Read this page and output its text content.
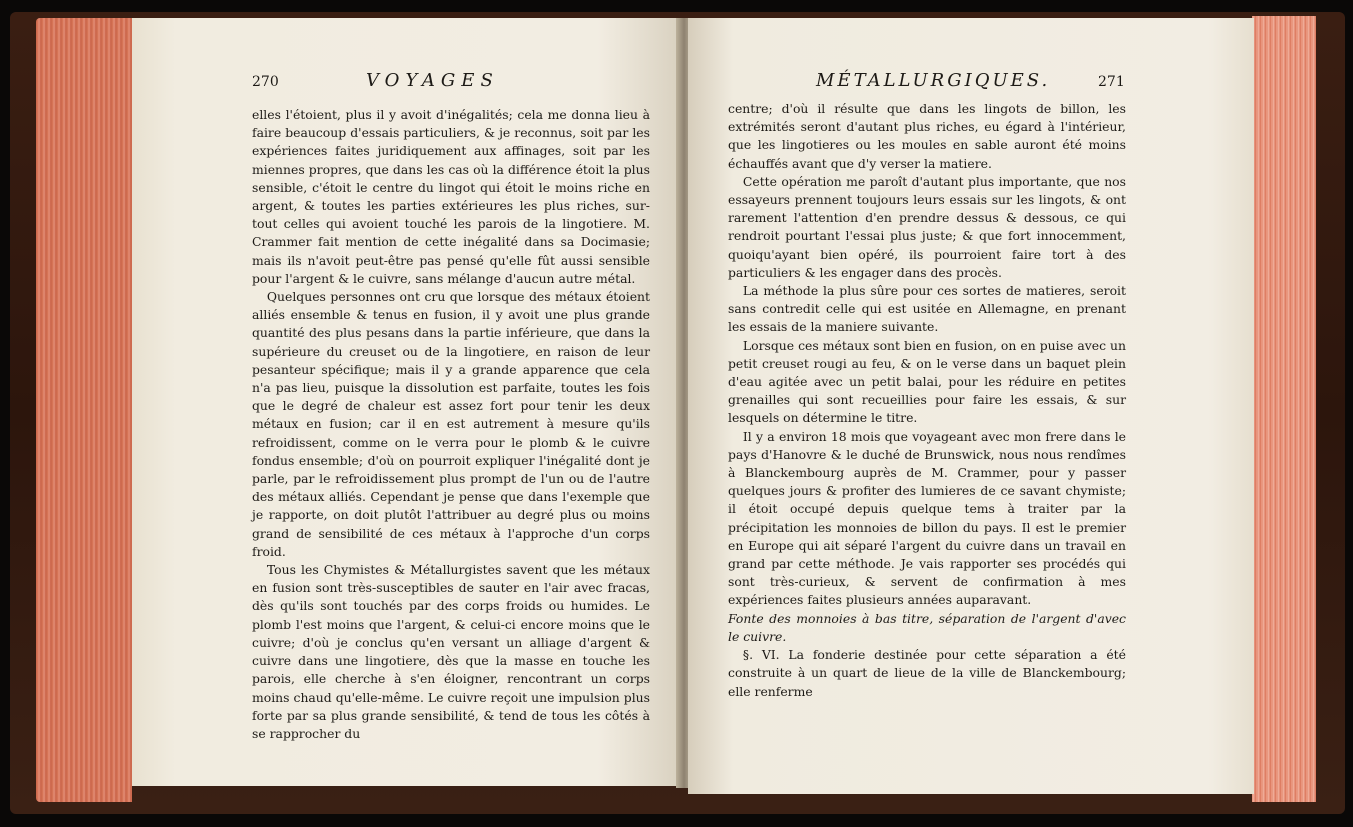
270	VOYAGES

elles l'étoient, plus il y avoit d'inégalités; cela me donna lieu à faire beaucoup d'essais particuliers, & je reconnus, soit par les expériences faites juridiquement aux affinages, soit par les miennes propres, que dans les cas où la différence étoit la plus sensible, c'étoit le centre du lingot qui étoit le moins riche en argent, & toutes les parties extérieures les plus riches, sur-tout celles qui avoient touché les parois de la lingotiere. M. Crammer fait mention de cette inégalité dans sa Docimasie; mais ils n'avoit peut-être pas pensé qu'elle fût aussi sensible pour l'argent & le cuivre, sans mélange d'aucun autre métal.

Quelques personnes ont cru que lorsque des métaux étoient alliés ensemble & tenus en fusion, il y avoit une plus grande quantité des plus pesans dans la partie inférieure, que dans la supérieure du creuset ou de la lingotiere, en raison de leur pesanteur spécifique; mais il y a grande apparence que cela n'a pas lieu, puisque la dissolution est parfaite, toutes les fois que le degré de chaleur est assez fort pour tenir les deux métaux en fusion; car il en est autrement à mesure qu'ils refroidissent, comme on le verra pour le plomb & le cuivre fondus ensemble; d'où on pourroit expliquer l'inégalité dont je parle, par le refroidissement plus prompt de l'un ou de l'autre des métaux alliés. Cependant je pense que dans l'exemple que je rapporte, on doit plutôt l'attribuer au degré plus ou moins grand de sensibilité de ces métaux à l'approche d'un corps froid.

Tous les Chymistes & Métallurgistes savent que les métaux en fusion sont très-susceptibles de sauter en l'air avec fracas, dès qu'ils sont touchés par des corps froids ou humides. Le plomb l'est moins que l'argent, & celui-ci encore moins que le cuivre; d'où je conclus qu'en versant un alliage d'argent & cuivre dans une lingotiere, dès que la masse en touche les parois, elle cherche à s'en éloigner, rencontrant un corps moins chaud qu'elle-même. Le cuivre reçoit une impulsion plus forte par sa plus grande sensibilité, & tend de tous les côtés à se rapprocher du

MÉTALLURGIQUES.	271

centre; d'où il résulte que dans les lingots de billon, les extrémités seront d'autant plus riches, eu égard à l'intérieur, que les lingotieres ou les moules en sable auront été moins échauffés avant que d'y verser la matiere.

Cette opération me paroît d'autant plus importante, que nos essayeurs prennent toujours leurs essais sur les lingots, & ont rarement l'attention d'en prendre dessus & dessous, ce qui rendroit pourtant l'essai plus juste; & que fort innocemment, quoiqu'ayant bien opéré, ils pourroient faire tort à des particuliers & les engager dans des procès.

La méthode la plus sûre pour ces sortes de matieres, seroit sans contredit celle qui est usitée en Allemagne, en prenant les essais de la maniere suivante.

Lorsque ces métaux sont bien en fusion, on en puise avec un petit creuset rougi au feu, & on le verse dans un baquet plein d'eau agitée avec un petit balai, pour les réduire en petites grenailles qui sont recueillies pour faire les essais, & sur lesquels on détermine le titre.

Il y a environ 18 mois que voyageant avec mon frere dans le pays d'Hanovre & le duché de Brunswick, nous nous rendîmes à Blanckembourg auprès de M. Crammer, pour y passer quelques jours & profiter des lumieres de ce savant chymiste; il étoit occupé depuis quelque tems à traiter par la précipitation les monnoies de billon du pays. Il est le premier en Europe qui ait séparé l'argent du cuivre dans un travail en grand par cette méthode. Je vais rapporter ses procédés qui sont très-curieux, & servent de confirmation à mes expériences faites plusieurs années auparavant.

Fonte des monnoies à bas titre, séparation de l'argent d'avec le cuivre.

§. VI. La fonderie destinée pour cette séparation a été construite à un quart de lieue de la ville de Blanckembourg; elle renferme
